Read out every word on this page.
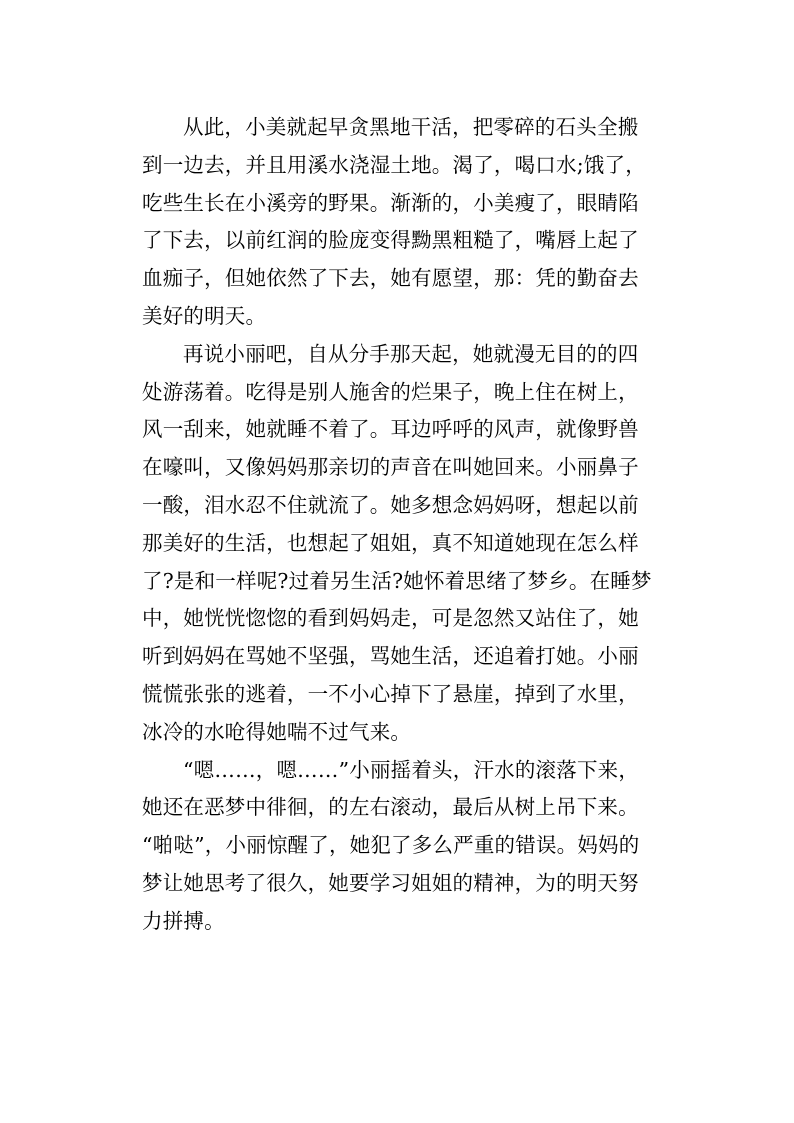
从此，小美就起早贪黑地干活，把零碎的石头全搬
到一边去，并且用溪水浇湿土地。渴了，喝口水;饿了，
吃些生长在小溪旁的野果。渐渐的，小美瘦了，眼睛陷
了下去，以前红润的脸庞变得黝黑粗糙了，嘴唇上起了
血痂子，但她依然了下去，她有愿望，那：凭的勤奋去
美好的明天。
再说小丽吧，自从分手那天起，她就漫无目的的四
处游荡着。吃得是别人施舍的烂果子，晚上住在树上，
风一刮来，她就睡不着了。耳边呼呼的风声，就像野兽
在嚎叫，又像妈妈那亲切的声音在叫她回来。小丽鼻子
一酸，泪水忍不住就流了。她多想念妈妈呀，想起以前
那美好的生活，也想起了姐姐，真不知道她现在怎么样
了?是和一样呢?过着另生活?她怀着思绪了梦乡。在睡梦
中，她恍恍惚惚的看到妈妈走，可是忽然又站住了，她
听到妈妈在骂她不坚强，骂她生活，还追着打她。小丽
慌慌张张的逃着，一不小心掉下了悬崖，掉到了水里，
冰冷的水呛得她喘不过气来。
“嗯……，嗯……”小丽摇着头，汗水的滚落下来，
她还在恶梦中徘徊，的左右滚动，最后从树上吊下来。
“啪哒”，小丽惊醒了，她犯了多么严重的错误。妈妈的
梦让她思考了很久，她要学习姐姐的精神，为的明天努
力拼搏。
